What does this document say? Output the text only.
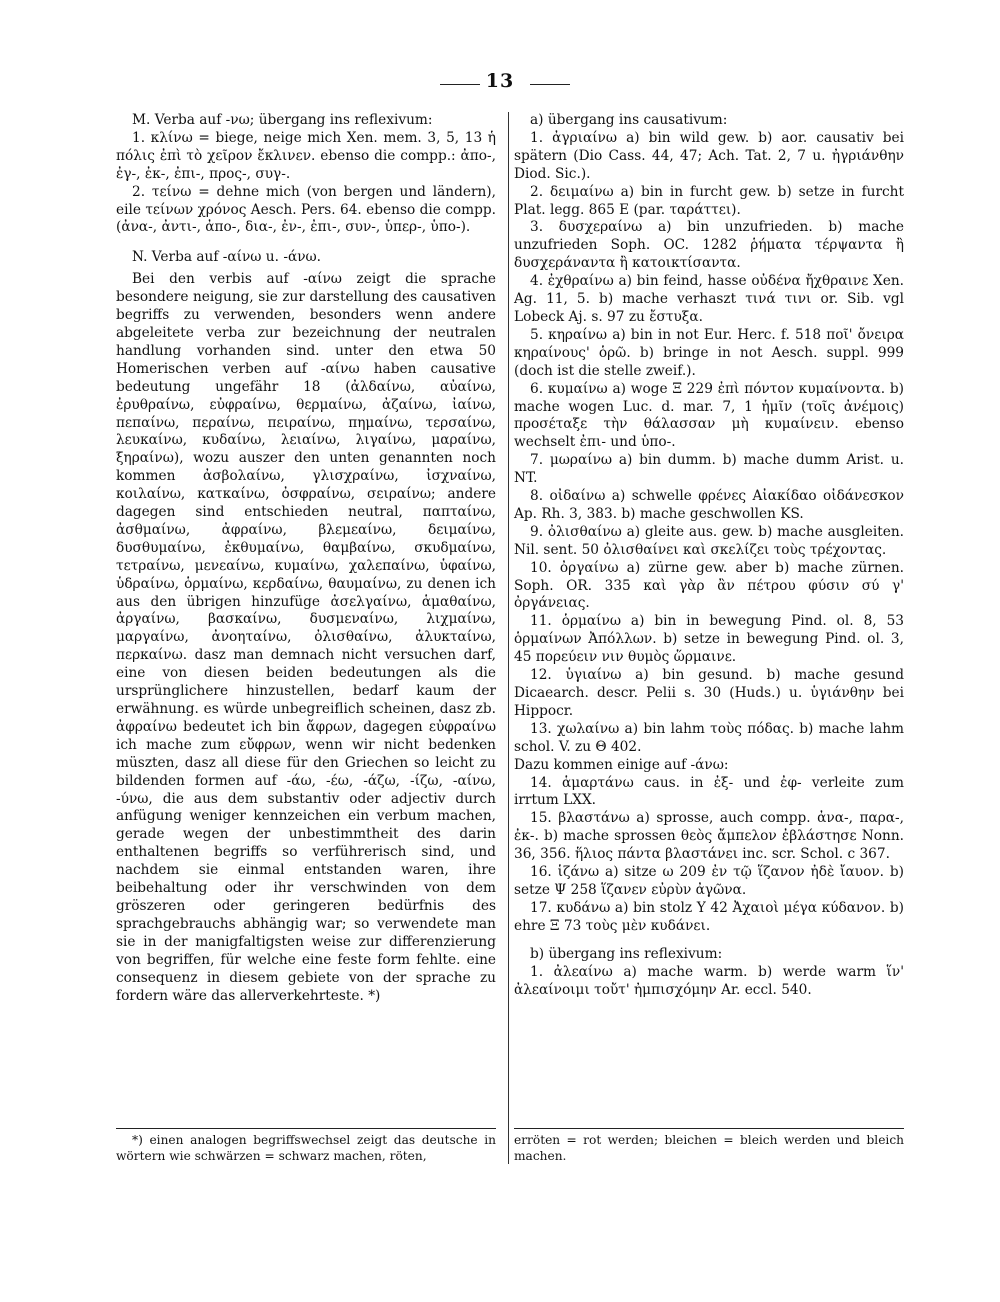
13

M. Verba auf -νω; übergang ins reflexivum:

1. κλίνω = biege, neige mich Xen. mem. 3, 5, 13 ἡ πόλις ἐπὶ τὸ χεῖρον ἔκλινεν. ebenso die compp.: ἀπο-, ἐγ-, ἐκ-, ἐπι-, προς-, συγ-.

2. τείνω = dehne mich (von bergen und ländern), eile τείνων χρόνος Aesch. Pers. 64. ebenso die compp. (ἀνα-, ἀντι-, ἀπο-, δια-, ἐν-, ἐπι-, συν-, ὑπερ-, ὑπο-).

N. Verba auf -αίνω u. -άνω.

Bei den verbis auf -αίνω zeigt die sprache besondere neigung, sie zur darstellung des causativen begriffs zu verwenden, besonders wenn andere abgeleitete verba zur bezeichnung der neutralen handlung vorhanden sind. unter den etwa 50 Homerischen verben auf -αίνω haben causative bedeutung ungefähr 18 (ἀλδαίνω, αὐαίνω, ἐρυθραίνω, εὐφραίνω, θερμαίνω, ἀζαίνω, ἰαίνω, πεπαίνω, περαίνω, πειραίνω, πημαίνω, τερσαίνω, λευκαίνω, κυδαίνω, λειαίνω, λιγαίνω, μαραίνω, ξηραίνω), wozu auszer den unten genannten noch kommen ἀσβολαίνω, γλισχραίνω, ἰσχναίνω, κοιλαίνω, κατκαίνω, ὀσφραίνω, σειραίνω; andere dagegen sind entschieden neutral, παπταίνω, ἀσθμαίνω, ἀφραίνω, βλεμεαίνω, δειμαίνω, δυσθυμαίνω, ἐκθυμαίνω, θαμβαίνω, σκυδμαίνω, τετραίνω, μενεαίνω, κυμαίνω, χαλεπαίνω, ὑφαίνω, ὑδραίνω, ὁρμαίνω, κερδαίνω, θαυμαίνω, zu denen ich aus den übrigen hinzufüge ἀσελγαίνω, ἁμαθαίνω, ἀργαίνω, βασκαίνω, δυσμεναίνω, λιχμαίνω, μαργαίνω, ἀνοηταίνω, ὀλισθαίνω, ἀλυκταίνω, περκαίνω. dasz man demnach nicht versuchen darf, eine von diesen beiden bedeutungen als die ursprünglichere hinzustellen, bedarf kaum der erwähnung. es würde unbegreiflich scheinen, dasz zb. ἀφραίνω bedeutet ich bin ἄφρων, dagegen εὐφραίνω ich mache zum εὔφρων, wenn wir nicht bedenken müszten, dasz all diese für den Griechen so leicht zu bildenden formen auf -άω, -έω, -άζω, -ίζω, -αίνω, -ύνω, die aus dem substantiv oder adjectiv durch anfügung weniger kennzeichen ein verbum machen, gerade wegen der unbestimmtheit des darin enthaltenen begriffs so verführerisch sind, und nachdem sie einmal entstanden waren, ihre beibehaltung oder ihr verschwinden von dem gröszeren oder geringeren bedürfnis des sprachgebrauchs abhängig war; so verwendete man sie in der manigfaltigsten weise zur differenzierung von begriffen, für welche eine feste form fehlte. eine consequenz in diesem gebiete von der sprache zu fordern wäre das allerverkehrteste. *)

a) übergang ins causativum:

1. ἀγριαίνω a) bin wild gew. b) aor. causativ bei spätern (Dio Cass. 44, 47; Ach. Tat. 2, 7 u. ἠγριάνθην Diod. Sic.).

2. δειμαίνω a) bin in furcht gew. b) setze in furcht Plat. legg. 865 E (par. ταράττει).

3. δυσχεραίνω a) bin unzufrieden. b) mache unzufrieden Soph. OC. 1282 ῥήματα τέρψαντα ἢ δυσχεράναντα ἢ κατοικτίσαντα.

4. ἐχθραίνω a) bin feind, hasse οὐδένα ἤχθραινε Xen. Ag. 11, 5. b) mache verhaszt τινά τινι or. Sib. vgl Lobeck Aj. s. 97 zu ἔστυξα.

5. κηραίνω a) bin in not Eur. Herc. f. 518 ποῖ' ὄνειρα κηραίνους' ὁρῶ. b) bringe in not Aesch. suppl. 999 (doch ist die stelle zweif.).

6. κυμαίνω a) woge Ξ 229 ἐπὶ πόντον κυμαίνοντα. b) mache wogen Luc. d. mar. 7, 1 ἡμῖν (τοῖς ἀνέμοις) προσέταξε τὴν θάλασσαν μὴ κυμαίνειν. ebenso wechselt ἐπι- und ὑπο-.

7. μωραίνω a) bin dumm. b) mache dumm Arist. u. NT.

8. οἰδαίνω a) schwelle φρένες Αἰακίδαο οἰδάνεσκον Ap. Rh. 3, 383. b) mache geschwollen KS.

9. ὀλισθαίνω a) gleite aus. gew. b) mache ausgleiten. Nil. sent. 50 ὀλισθαίνει καὶ σκελίζει τοὺς τρέχοντας.

10. ὀργαίνω a) zürne gew. aber b) mache zürnen. Soph. OR. 335 καὶ γὰρ ἂν πέτρου φύσιν σύ γ' ὀργάνειας.

11. ὁρμαίνω a) bin in bewegung Pind. ol. 8, 53 ὁρμαίνων Ἀπόλλων. b) setze in bewegung Pind. ol. 3, 45 πορεύειν νιν θυμὸς ὥρμαινε.

12. ὑγιαίνω a) bin gesund. b) mache gesund Dicaearch. descr. Pelii s. 30 (Huds.) u. ὑγιάνθην bei Hippocr.

13. χωλαίνω a) bin lahm τοὺς πόδας. b) mache lahm schol. V. zu Θ 402.

Dazu kommen einige auf -άνω:

14. ἁμαρτάνω caus. in ἐξ- und ἐφ- verleite zum irrtum LXX.

15. βλαστάνω a) sprosse, auch compp. ἀνα-, παρα-, ἐκ-. b) mache sprossen θεὸς ἄμπελον ἐβλάστησε Nonn. 36, 356. ἥλιος πάντα βλαστάνει inc. scr. Schol. c 367.

16. ἱζάνω a) sitze ω 209 ἐν τῷ ἵζανον ἠδὲ ἴαυον. b) setze Ψ 258 ἵζανεν εὐρὺν ἀγῶνα.

17. κυδάνω a) bin stolz Υ 42 Ἀχαιοὶ μέγα κύδανον. b) ehre Ξ 73 τοὺς μὲν κυδάνει.

b) übergang ins reflexivum:

1. ἀλεαίνω a) mache warm. b) werde warm ἵν' ἀλεαίνοιμι τοὔτ' ἠμπισχόμην Ar. eccl. 540.

*) einen analogen begriffswechsel zeigt das deutsche in wörtern wie schwärzen = schwarz machen, röten,
erröten = rot werden; bleichen = bleich werden und bleich machen.
